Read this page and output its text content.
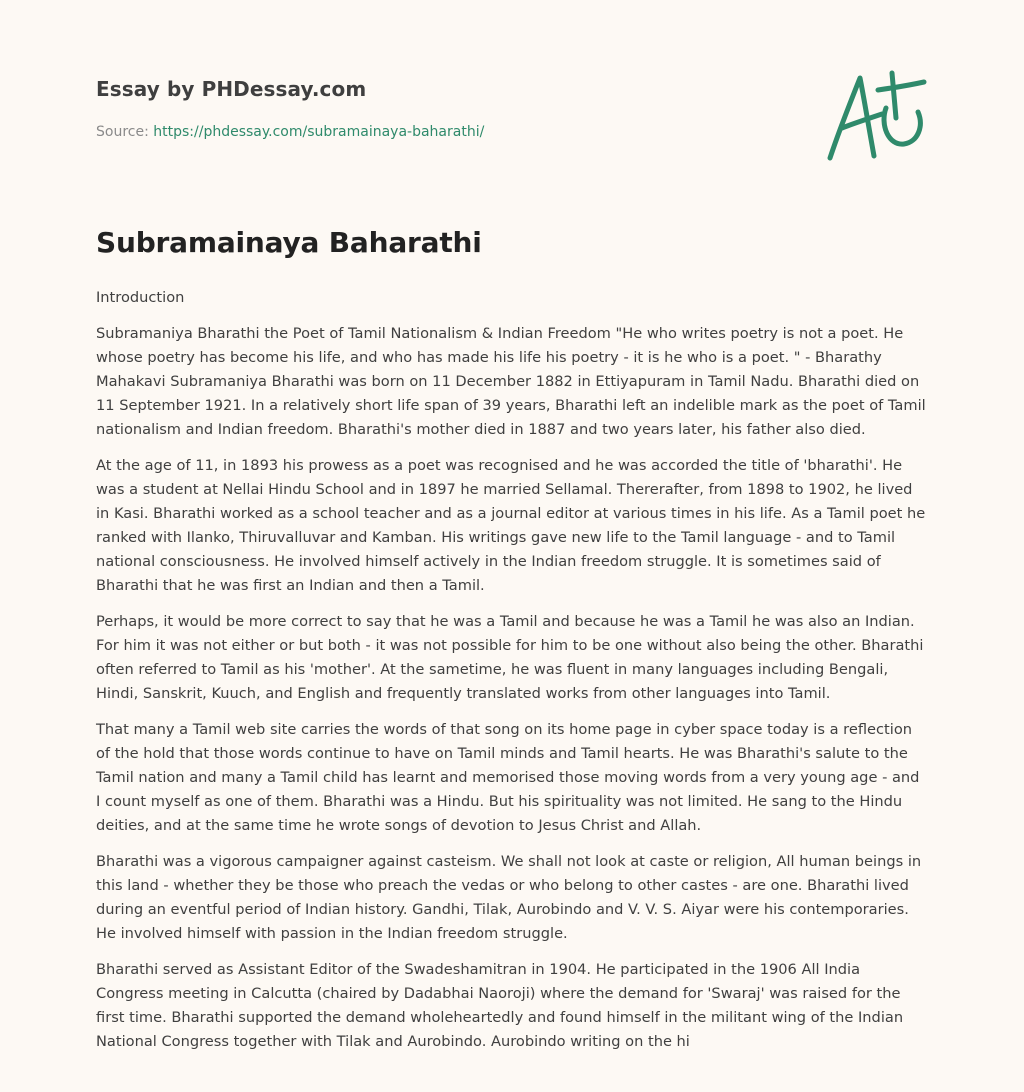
Essay by PHDessay.com
Source: https://phdessay.com/subramainaya-baharathi/
Subramainaya Baharathi

Introduction

Subramaniya Bharathi the Poet of Tamil Nationalism & Indian Freedom "He who writes poetry is not a poet. He whose poetry has become his life, and who has made his life his poetry - it is he who is a poet. " - Bharathy Mahakavi Subramaniya Bharathi was born on 11 December 1882 in Ettiyapuram in Tamil Nadu. Bharathi died on 11 September 1921. In a relatively short life span of 39 years, Bharathi left an indelible mark as the poet of Tamil nationalism and Indian freedom. Bharathi's mother died in 1887 and two years later, his father also died.

At the age of 11, in 1893 his prowess as a poet was recognised and he was accorded the title of 'bharathi'. He was a student at Nellai Hindu School and in 1897 he married Sellamal. Thererafter, from 1898 to 1902, he lived in Kasi. Bharathi worked as a school teacher and as a journal editor at various times in his life. As a Tamil poet he ranked with Ilanko, Thiruvalluvar and Kamban. His writings gave new life to the Tamil language - and to Tamil national consciousness. He involved himself actively in the Indian freedom struggle. It is sometimes said of Bharathi that he was first an Indian and then a Tamil.

Perhaps, it would be more correct to say that he was a Tamil and because he was a Tamil he was also an Indian. For him it was not either or but both - it was not possible for him to be one without also being the other. Bharathi often referred to Tamil as his 'mother'. At the sametime, he was fluent in many languages including Bengali, Hindi, Sanskrit, Kuuch, and English and frequently translated works from other languages into Tamil.

That many a Tamil web site carries the words of that song on its home page in cyber space today is a reflection of the hold that those words continue to have on Tamil minds and Tamil hearts. He was Bharathi's salute to the Tamil nation and many a Tamil child has learnt and memorised those moving words from a very young age - and I count myself as one of them. Bharathi was a Hindu. But his spirituality was not limited. He sang to the Hindu deities, and at the same time he wrote songs of devotion to Jesus Christ and Allah.

Bharathi was a vigorous campaigner against casteism. We shall not look at caste or religion, All human beings in this land - whether they be those who preach the vedas or who belong to other castes - are one. Bharathi lived during an eventful period of Indian history. Gandhi, Tilak, Aurobindo and V. V. S. Aiyar were his contemporaries. He involved himself with passion in the Indian freedom struggle.

Bharathi served as Assistant Editor of the Swadeshamitran in 1904. He participated in the 1906 All India Congress meeting in Calcutta (chaired by Dadabhai Naoroji) where the demand for 'Swaraj' was raised for the first time. Bharathi supported the demand wholeheartedly and found himself in the militant wing of the Indian National Congress together with Tilak and Aurobindo. Aurobindo writing on the hi
